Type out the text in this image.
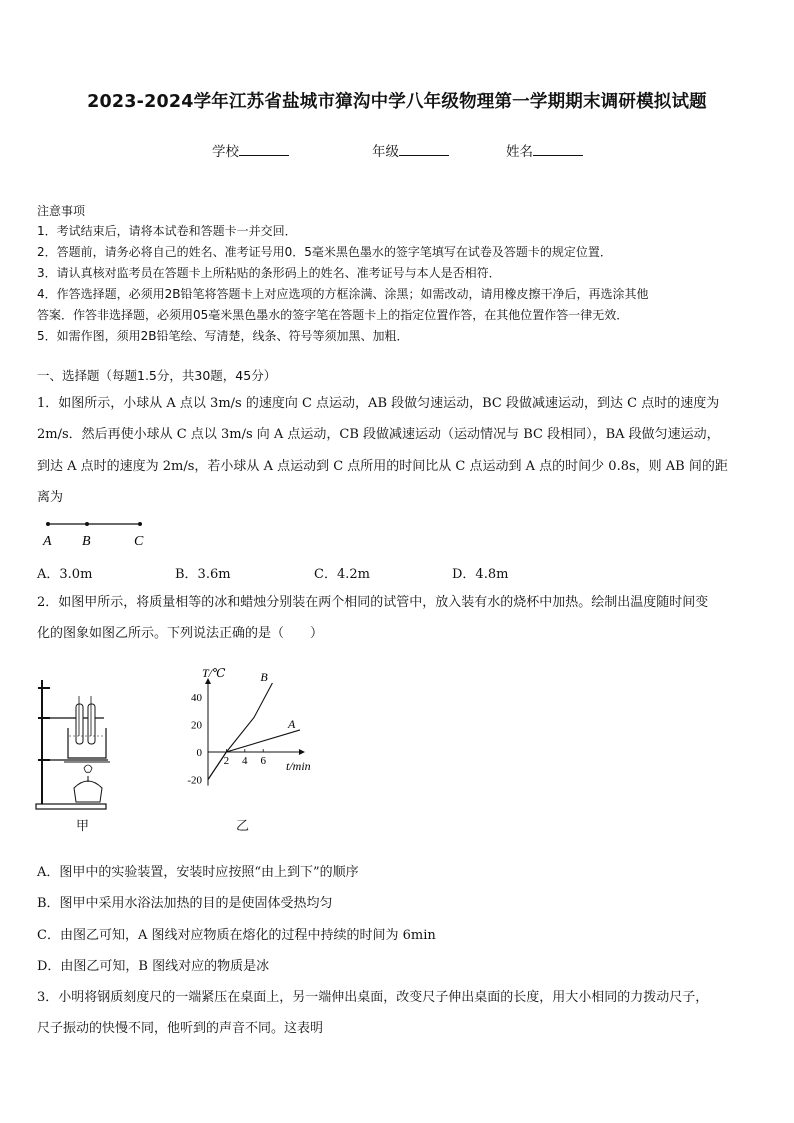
2023-2024学年江苏省盐城市獐沟中学八年级物理第一学期期末调研模拟试题
学校	年级	姓名
注意事项
1．考试结束后，请将本试卷和答题卡一并交回．
2．答题前，请务必将自己的姓名、准考证号用0．5毫米黑色墨水的签字笔填写在试卷及答题卡的规定位置．
3．请认真核对监考员在答题卡上所粘贴的条形码上的姓名、准考证号与本人是否相符．
4．作答选择题，必须用2B铅笔将答题卡上对应选项的方框涂满、涂黑；如需改动，请用橡皮擦干净后，再选涂其他
答案．作答非选择题，必须用05毫米黑色墨水的签字笔在答题卡上的指定位置作答，在其他位置作答一律无效．
5．如需作图，须用2B铅笔绘、写清楚，线条、符号等须加黑、加粗．
一、选择题（每题1.5分，共30题，45分）
1．如图所示，小球从 A 点以 3m/s 的速度向 C 点运动，AB 段做匀速运动，BC 段做减速运动，到达 C 点时的速度为
2m/s．然后再使小球从 C 点以 3m/s 向 A 点运动，CB 段做减速运动（运动情况与 BC 段相同），BA 段做匀速运动，
到达 A 点时的速度为 2m/s，若小球从 A 点运动到 C 点所用的时间比从 C 点运动到 A 点的时间少 0.8s，则 AB 间的距
离为
A B	C
A．3.0m	B．3.6m	C．4.2m	D．4.8m
2．如图甲所示，将质量相等的冰和蜡烛分别装在两个相同的试管中，放入装有水的烧杯中加热。绘制出温度随时间变
化的图象如图乙所示。下列说法正确的是（　　）
甲
T/℃
t/min
-20
0
20
40
2 4 6
A
B
乙
A．图甲中的实验装置，安装时应按照“由上到下”的顺序
B．图甲中采用水浴法加热的目的是使固体受热均匀
C．由图乙可知，A 图线对应物质在熔化的过程中持续的时间为 6min
D．由图乙可知，B 图线对应的物质是冰
3．小明将钢质刻度尺的一端紧压在桌面上，另一端伸出桌面，改变尺子伸出桌面的长度，用大小相同的力拨动尺子，
尺子振动的快慢不同，他听到的声音不同。这表明
